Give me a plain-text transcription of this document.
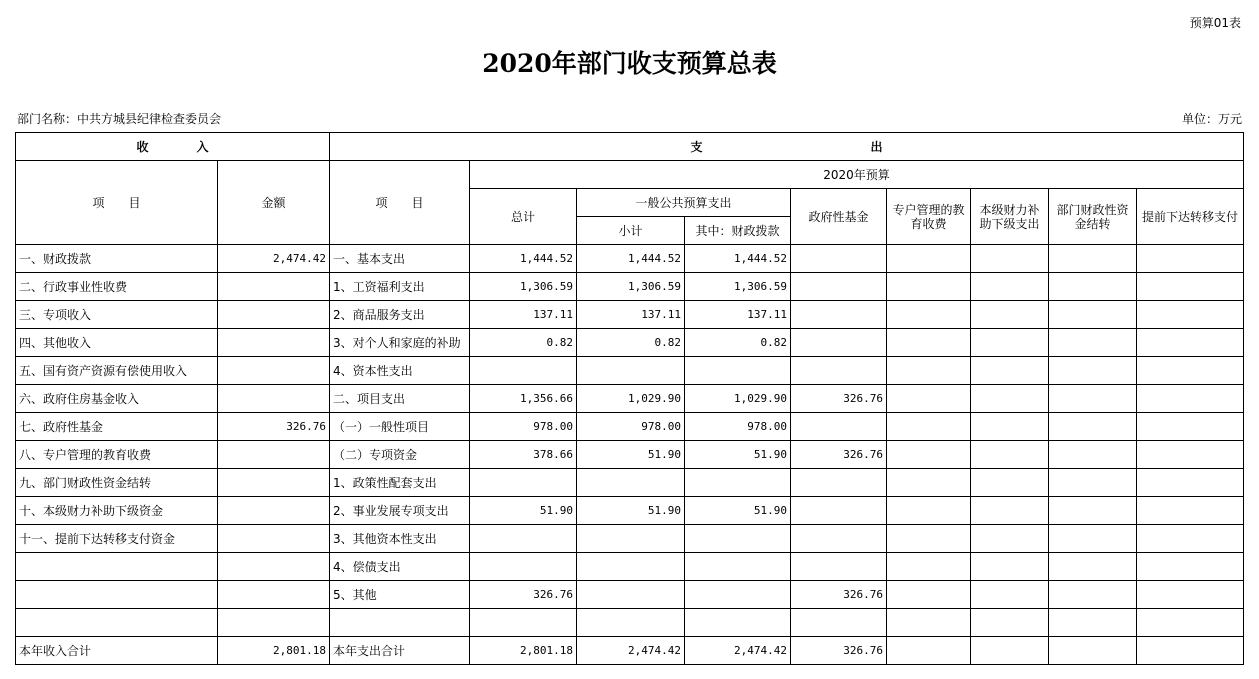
预算01表
2020年部门收支预算总表
部门名称：中共方城县纪律检查委员会	单位：万元
收　　　　入		支　　　　　　　　　　　　　　出								
项　　目	金额	项　　目	2020年预算							
			总计	一般公共预算支出		政府性基金	专户管理的教育收费	本级财力补助下级支出	部门财政性资金结转	提前下达转移支付
				小计	其中：财政拨款					
一、财政拨款	2,474.42	一、基本支出	1,444.52	1,444.52	1,444.52					
二、行政事业性收费		1、工资福利支出	1,306.59	1,306.59	1,306.59					
三、专项收入		2、商品服务支出	137.11	137.11	137.11					
四、其他收入		3、对个人和家庭的补助	0.82	0.82	0.82					
五、国有资产资源有偿使用收入		4、资本性支出								
六、政府住房基金收入		二、项目支出	1,356.66	1,029.90	1,029.90	326.76				
七、政府性基金	326.76	（一）一般性项目	978.00	978.00	978.00					
八、专户管理的教育收费		（二）专项资金	378.66	51.90	51.90	326.76				
九、部门财政性资金结转		1、政策性配套支出								
十、本级财力补助下级资金		2、事业发展专项支出	51.90	51.90	51.90					
十一、提前下达转移支付资金		3、其他资本性支出								
		4、偿债支出								
		5、其他	326.76			326.76				

本年收入合计	2,801.18	本年支出合计	2,801.18	2,474.42	2,474.42	326.76				
